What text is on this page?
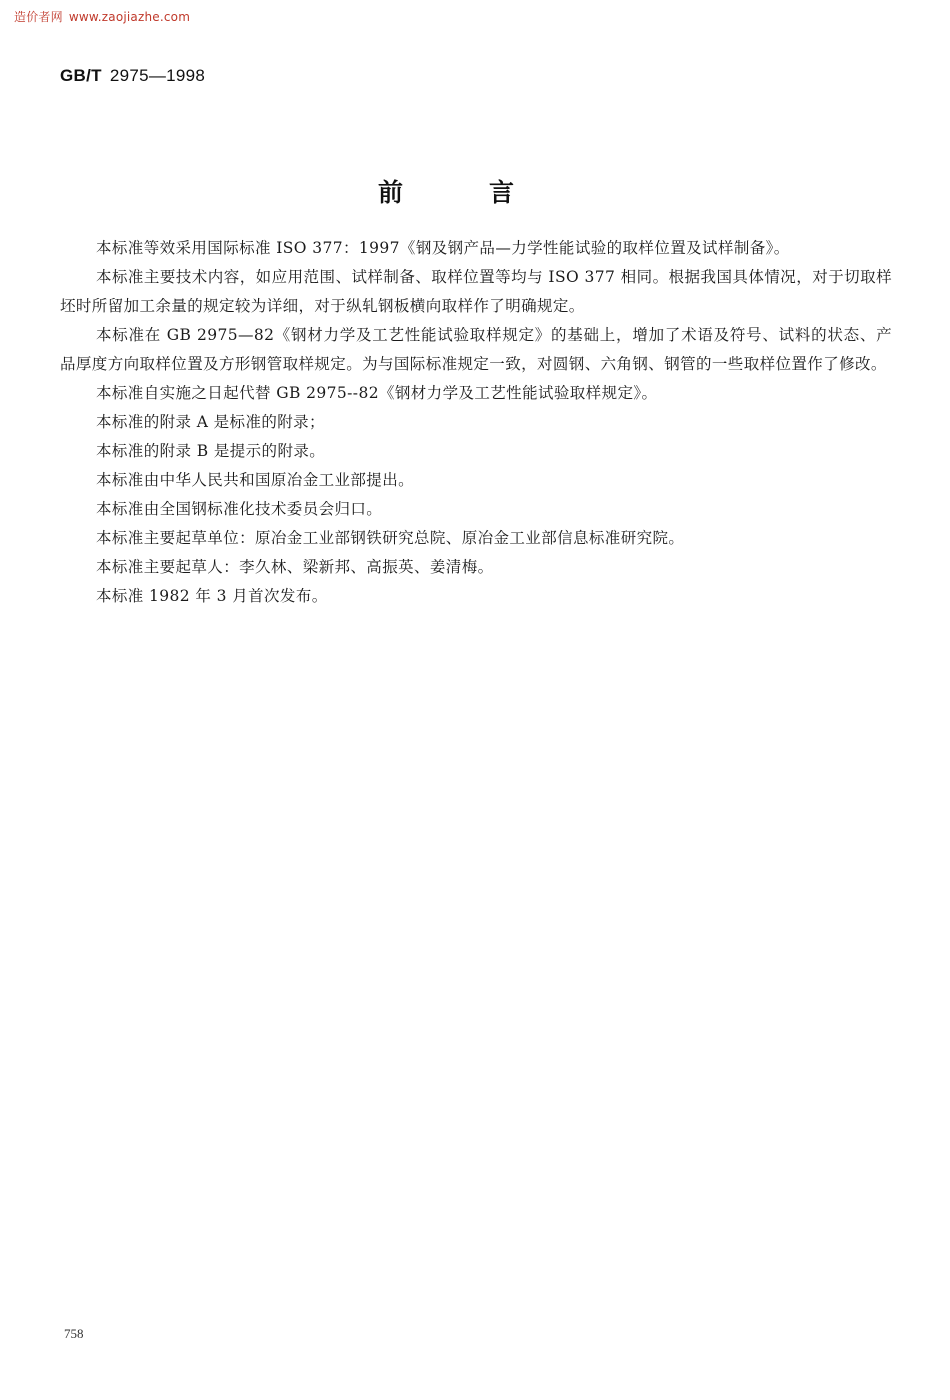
造价者网 www.zaojiazhe.com
GB/T 2975—1998
前言

本标准等效采用国际标准 ISO 377：1997《钢及钢产品—力学性能试验的取样位置及试样制备》。

本标准主要技术内容，如应用范围、试样制备、取样位置等均与 ISO 377 相同。根据我国具体情况，对于切取样坯时所留加工余量的规定较为详细，对于纵轧钢板横向取样作了明确规定。

本标准在 GB 2975—82《钢材力学及工艺性能试验取样规定》的基础上，增加了术语及符号、试料的状态、产品厚度方向取样位置及方形钢管取样规定。为与国际标准规定一致，对圆钢、六角钢、钢管的一些取样位置作了修改。

本标准自实施之日起代替 GB 2975--82《钢材力学及工艺性能试验取样规定》。

本标准的附录 A 是标准的附录；

本标准的附录 B 是提示的附录。

本标准由中华人民共和国原冶金工业部提出。

本标准由全国钢标准化技术委员会归口。

本标准主要起草单位：原冶金工业部钢铁研究总院、原冶金工业部信息标准研究院。

本标准主要起草人：李久林、梁新邦、高振英、姜清梅。

本标准 1982 年 3 月首次发布。

758
